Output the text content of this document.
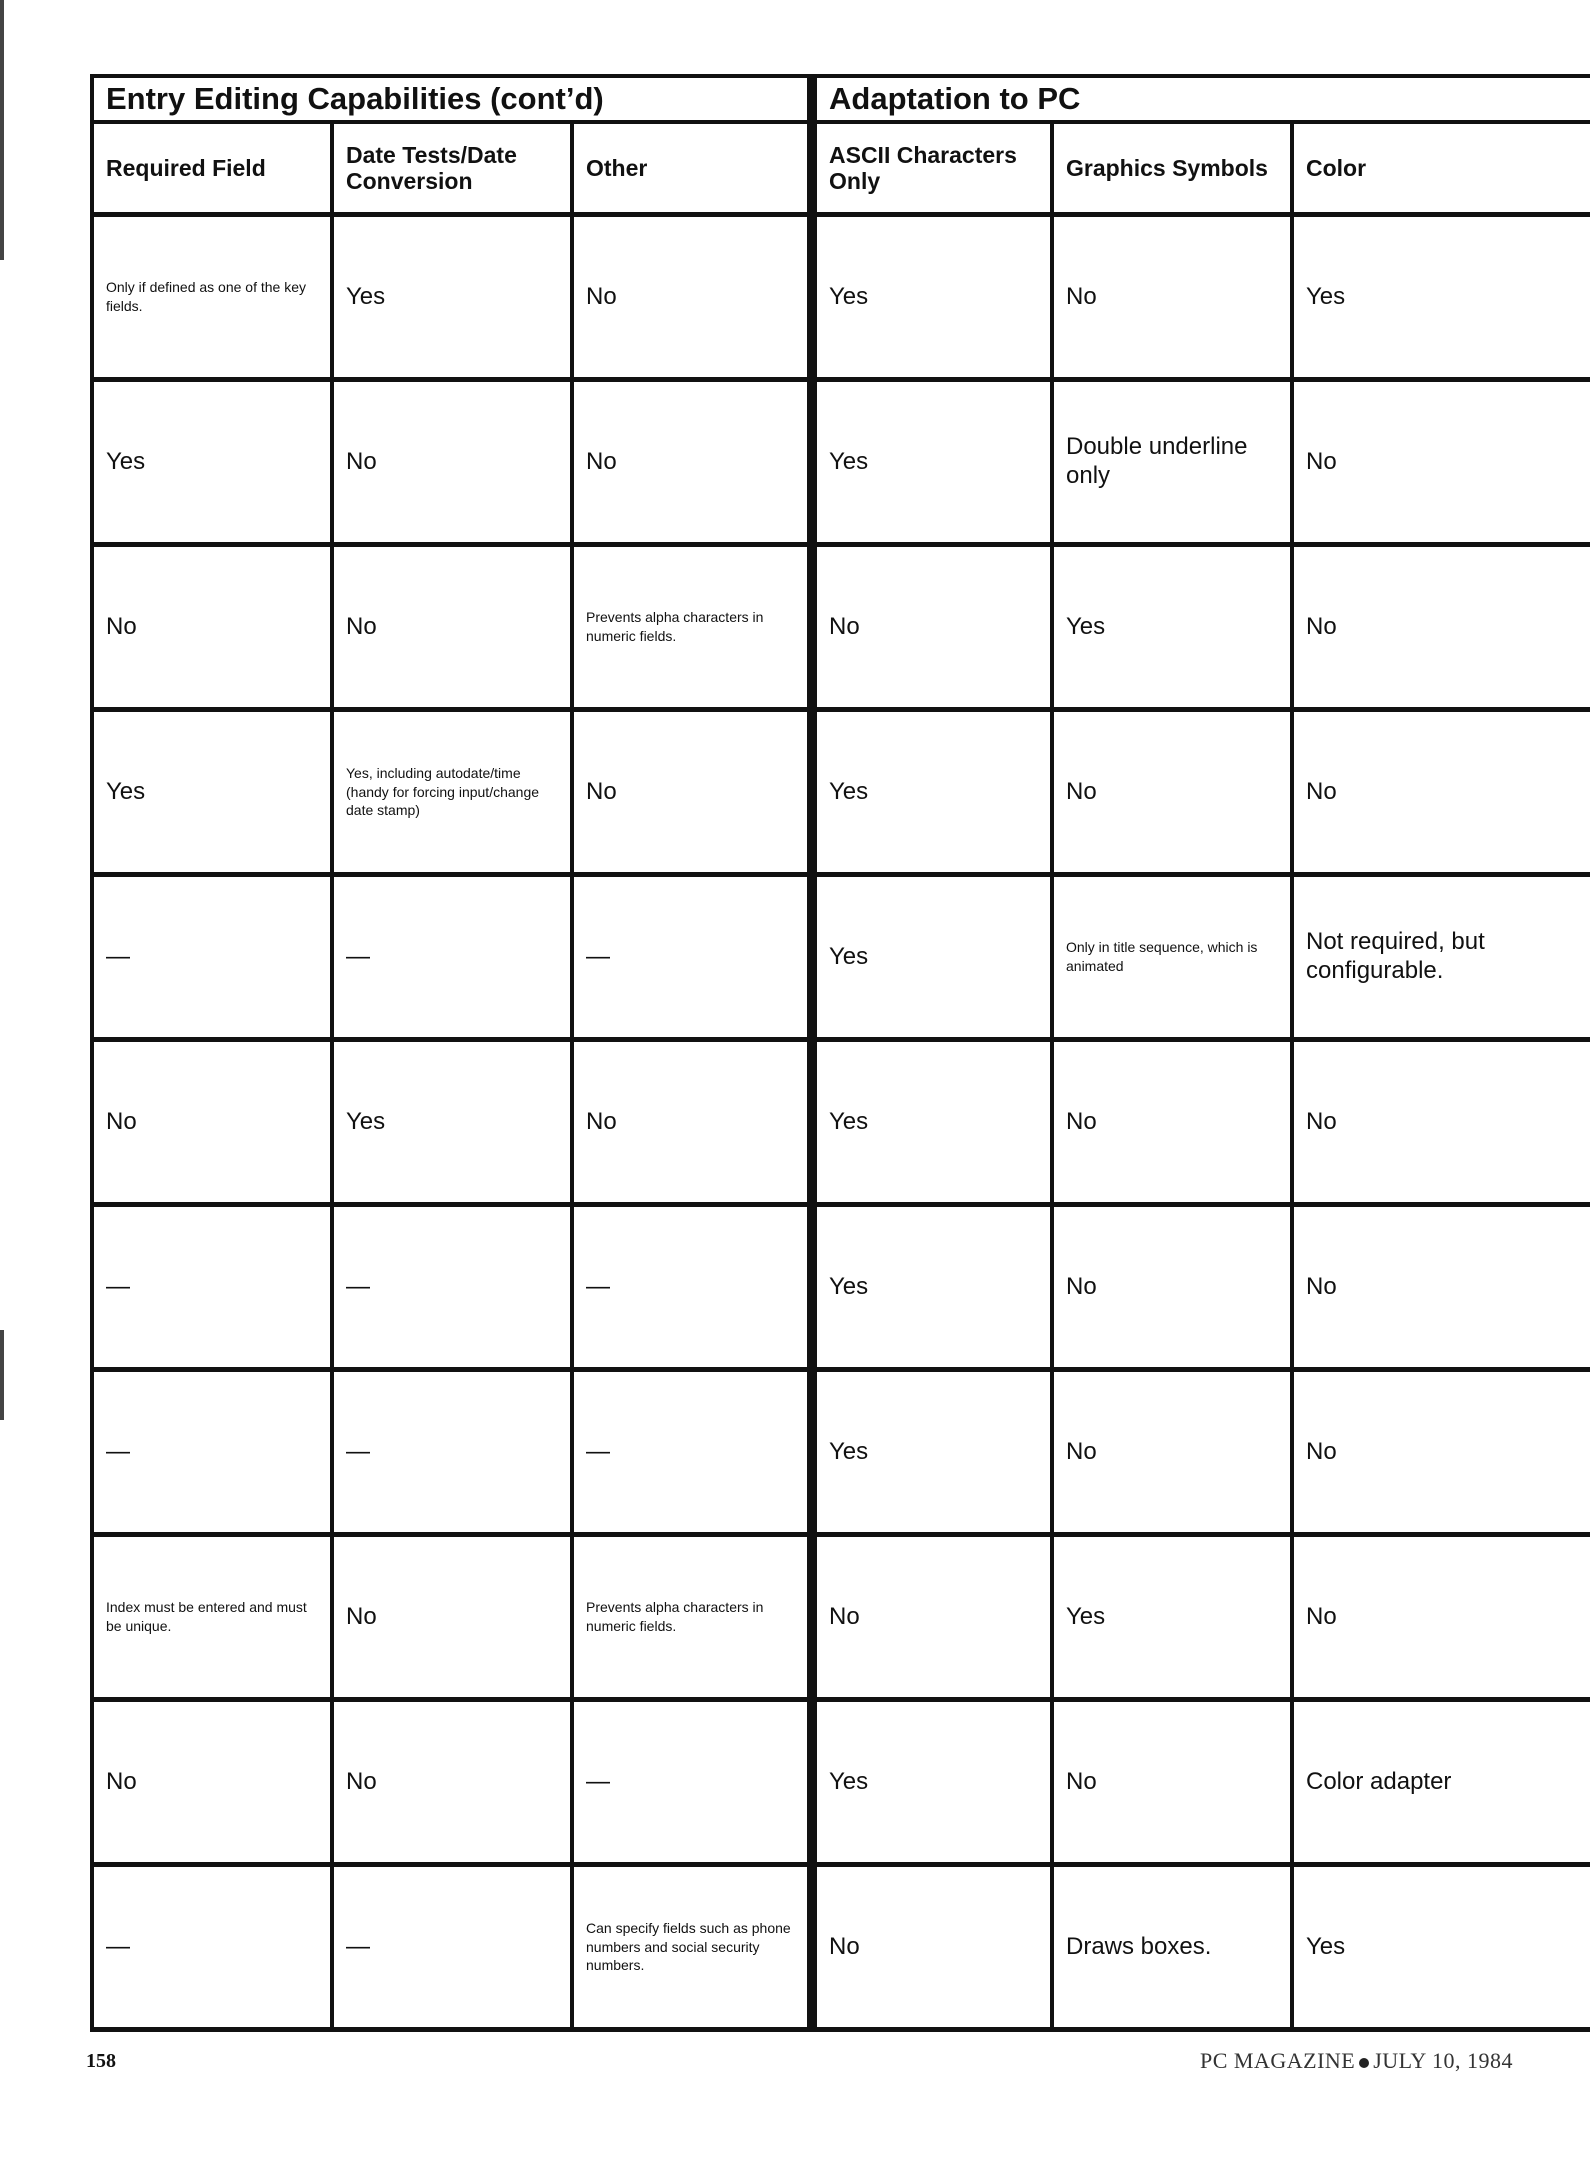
Entry Editing Capabilities (cont’d)			Adaptation to PC		
Required Field	Date Tests/Date Conversion	Other	ASCII Characters Only	Graphics Symbols	Color
Only if defined as one of the key fields.	Yes	No	Yes	No	Yes
Yes	No	No	Yes	Double underline only	No
No	No	Prevents alpha characters in numeric fields.	No	Yes	No
Yes	Yes, including autodate/time (handy for forcing input/change date stamp)	No	Yes	No	No
—	—	—	Yes	Only in title sequence, which is animated	Not required, but configurable.
No	Yes	No	Yes	No	No
—	—	—	Yes	No	No
—	—	—	Yes	No	No
Index must be entered and must be unique.	No	Prevents alpha characters in numeric fields.	No	Yes	No
No	No	—	Yes	No	Color adapter
—	—	Can specify fields such as phone numbers and social security numbers.	No	Draws boxes.	Yes
158	PC MAGAZINE JULY 10, 1984
